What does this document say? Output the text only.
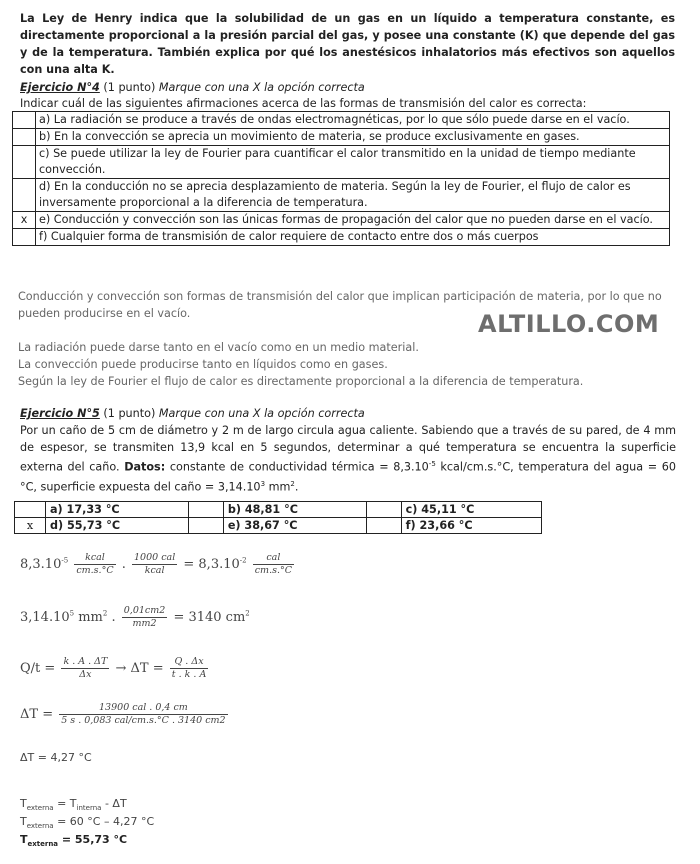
La Ley de Henry indica que la solubilidad de un gas en un líquido a temperatura constante, es directamente proporcional a la presión parcial del gas, y posee una constante (K) que depende del gas y de la temperatura. También explica por qué los anestésicos inhalatorios más efectivos son aquellos con una alta K.

Ejercicio N°4 (1 punto) Marque con una X la opción correcta

Indicar cuál de las siguientes afirmaciones acerca de las formas de transmisión del calor es correcta:

	a) La radiación se produce a través de ondas electromagnéticas, por lo que sólo puede darse en el vacío.
	b) En la convección se aprecia un movimiento de materia, se produce exclusivamente en gases.
	c) Se puede utilizar la ley de Fourier para cuantificar el calor transmitido en la unidad de tiempo mediante convección.
	d) En la conducción no se aprecia desplazamiento de materia. Según la ley de Fourier, el flujo de calor es inversamente proporcional a la diferencia de temperatura.
x	e) Conducción y convección son las únicas formas de propagación del calor que no pueden darse en el vacío.
	f) Cualquier forma de transmisión de calor requiere de contacto entre dos o más cuerpos

Conducción y convección son formas de transmisión del calor que implican participación de materia, por lo que no pueden producirse en el vacío.	ALTILLO.COM

La radiación puede darse tanto en el vacío como en un medio material.

La convección puede producirse tanto en líquidos como en gases.

Según la ley de Fourier el flujo de calor es directamente proporcional a la diferencia de temperatura.

Ejercicio N°5 (1 punto) Marque con una X la opción correcta

Por un caño de 5 cm de diámetro y 2 m de largo circula agua caliente. Sabiendo que a través de su pared, de 4 mm de espesor, se transmiten 13,9 kcal en 5 segundos, determinar a qué temperatura se encuentra la superficie externa del caño. Datos: constante de conductividad térmica = $8,3.10^{-5}$ kcal/cm.s.°C, temperatura del agua = 60 °C, superficie expuesta del caño = $3,14.10^3$ $mm^2$.

	a) 17,33 °C		b) 48,81 °C		c) 45,11 °C
x	d) 55,73 °C		e) 38,67 °C		f) 23,66 °C
$8,3.10^{-5} \frac{\text{kcal}}{cm.s.^\circ C}$ . $\frac{\text{1000 cal}}{\text{kcal}} = 8,3.10^{-2} \frac{\text{cal}}{cm.s.^\circ C}$
3,14.10$^5$ $mm^2$ . $\frac{0,01cm2}{mm2} = 3140$ $cm^2$
$Q/t = \frac{k . A . \Delta T}{\Delta x} \to \Delta T = \frac{Q . \Delta x}{t . k . A}$
$\Delta T = \frac{\text{13900 cal . 0,4 cm}}{\text{5 s . 0,083 cal/cm.s.°C . 3140 cm2}}$
ΔT = 4,27 °C
$T_{externa} = T_{interna} - \Delta T$
$T_{externa} = 60$ °C – 4,27 °C
$T_{externa} = 55,73$ °C
